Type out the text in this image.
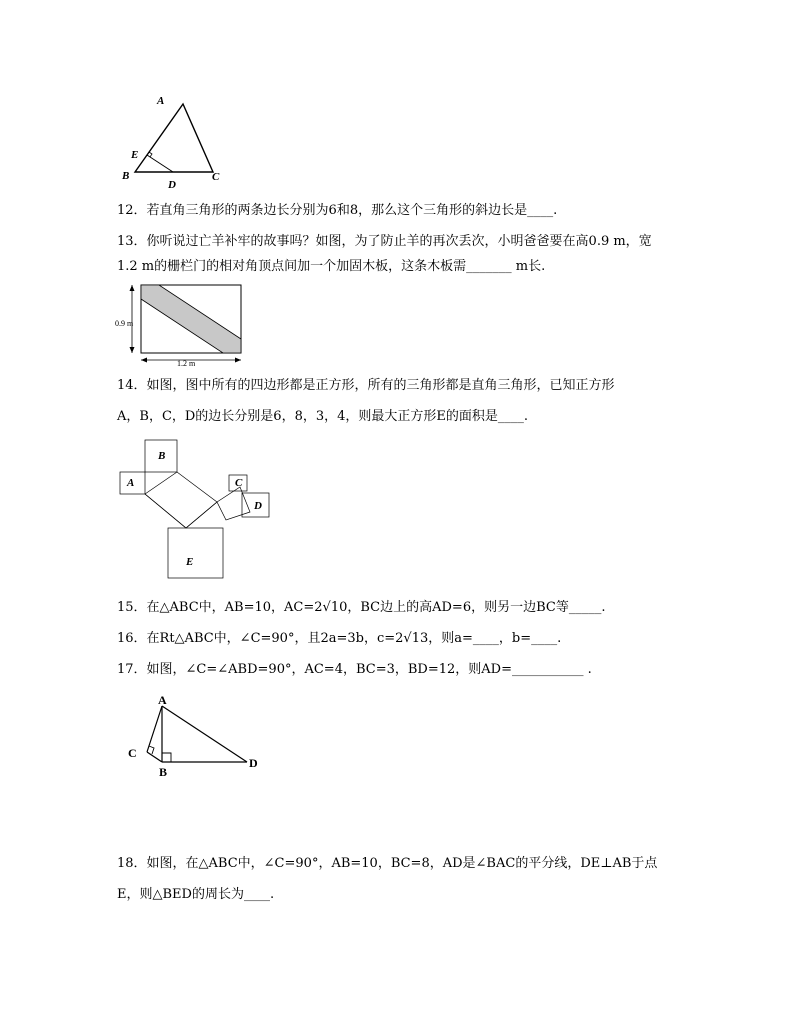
A
E
B
D
C
12．若直角三角形的两条边长分别为6和8，那么这个三角形的斜边长是____.
13．你听说过亡羊补牢的故事吗？如图，为了防止羊的再次丢次，小明爸爸要在高0.9 m，宽
1.2 m的栅栏门的相对角顶点间加一个加固木板，这条木板需_______ m长.
0.9 m
1.2 m
14．如图，图中所有的四边形都是正方形，所有的三角形都是直角三角形，已知正方形
A，B，C，D的边长分别是6，8，3，4，则最大正方形E的面积是____.
B
A	C
D
E
15．在△ABC中，AB=10，AC=2√10，BC边上的高AD=6，则另一边BC等_____.
16．在Rt△ABC中，∠C=90°，且2a=3b，c=2√13，则a=____，b=____.
17．如图，∠C=∠ABD=90°，AC=4，BC=3，BD=12，则AD=___________ .
A
C
B
D
18．如图，在△ABC中，∠C=90°，AB=10，BC=8，AD是∠BAC的平分线，DE⊥AB于点
E，则△BED的周长为____.
